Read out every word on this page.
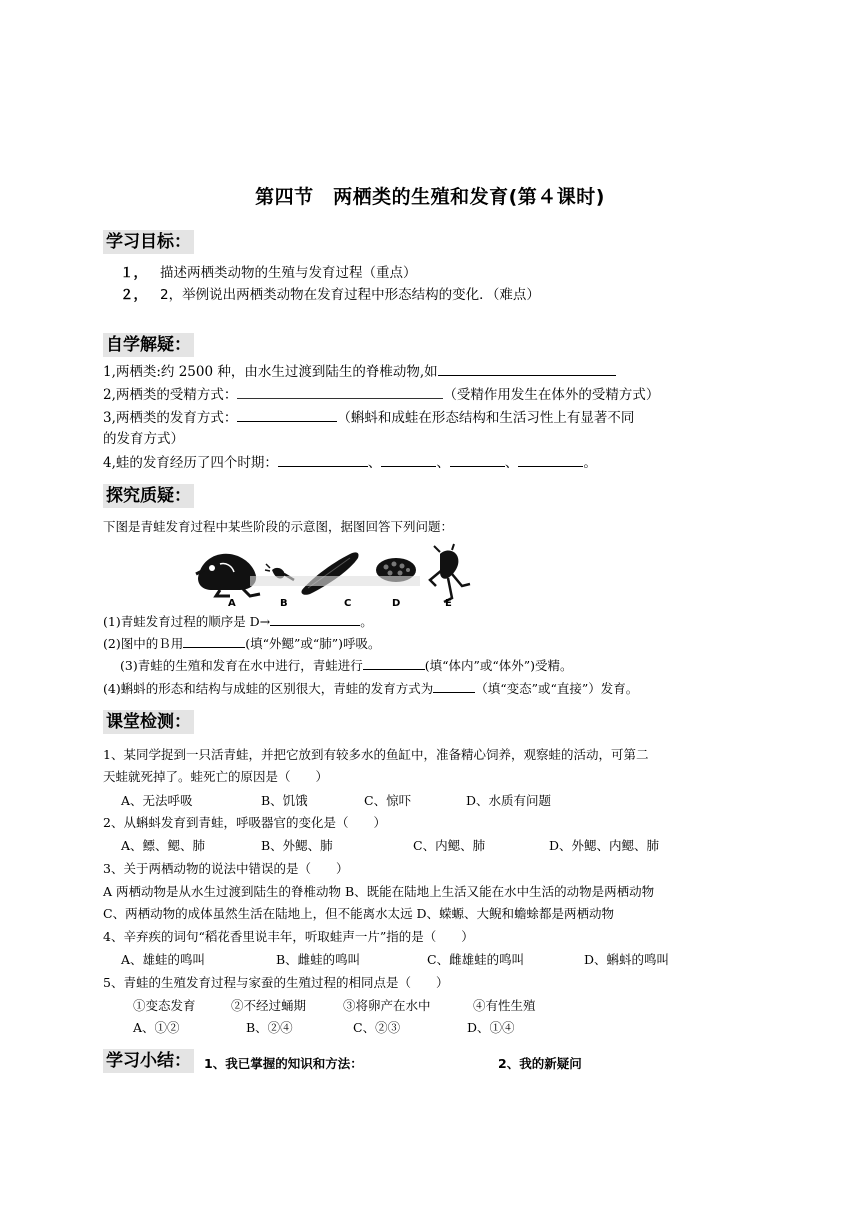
第四节　两栖类的生殖和发育(第４课时)
学习目标：
１， 描述两栖类动物的生殖与发育过程（重点）
２， 2，举例说出两栖类动物在发育过程中形态结构的变化．（难点）
自学解疑：
1,两栖类:约 2500 种，由水生过渡到陆生的脊椎动物,如
2,两栖类的受精方式：	（受精作用发生在体外的受精方式）
3,两栖类的发育方式：	（蝌蚪和成蛙在形态结构和生活习性上有显著不同
的发育方式）
4,蛙的发育经历了四个时期：	、	、	、	。
探究质疑：
下图是青蛙发育过程中某些阶段的示意图，据图回答下列问题：
A	B	C	D	E
(1)青蛙发育过程的顺序是 D→	。
(2)图中的Ｂ用	(填“外鳃”或“肺”)呼吸。
(3)青蛙的生殖和发育在水中进行，青蛙进行	(填“体内”或“体外”)受精。
(4)蝌蚪的形态和结构与成蛙的区别很大，青蛙的发育方式为	（填“变态”或“直接”）发育。
课堂检测：
1、某同学捉到一只活青蛙，并把它放到有较多水的鱼缸中，准备精心饲养，观察蛙的活动，可第二
天蛙就死掉了。蛙死亡的原因是（　　）
A、无法呼吸	B、饥饿	C、惊吓	D、水质有问题
2、从蝌蚪发育到青蛙，呼吸器官的变化是（　　）
A、鳔、鳃、肺	B、外鳃、肺	C、内鳃、肺	D、外鳃、内鳃、肺
3、关于两栖动物的说法中错误的是（　　）
A 两栖动物是从水生过渡到陆生的脊椎动物 B、既能在陆地上生活又能在水中生活的动物是两栖动物
C、两栖动物的成体虽然生活在陆地上，但不能离水太远 D、蝾螈、大鲵和蟾蜍都是两栖动物
4、辛弃疾的词句“稻花香里说丰年，听取蛙声一片”指的是（　　）
A、雄蛙的鸣叫	B、雌蛙的鸣叫	C、雌雄蛙的鸣叫	D、蝌蚪的鸣叫
5、青蛙的生殖发育过程与家蚕的生殖过程的相同点是（　　）
①变态发育	②不经过蛹期	③将卵产在水中	④有性生殖
A、①②	B、②④	C、②③	D、①④
学习小结： 1、我已掌握的知识和方法：	2、我的新疑问
